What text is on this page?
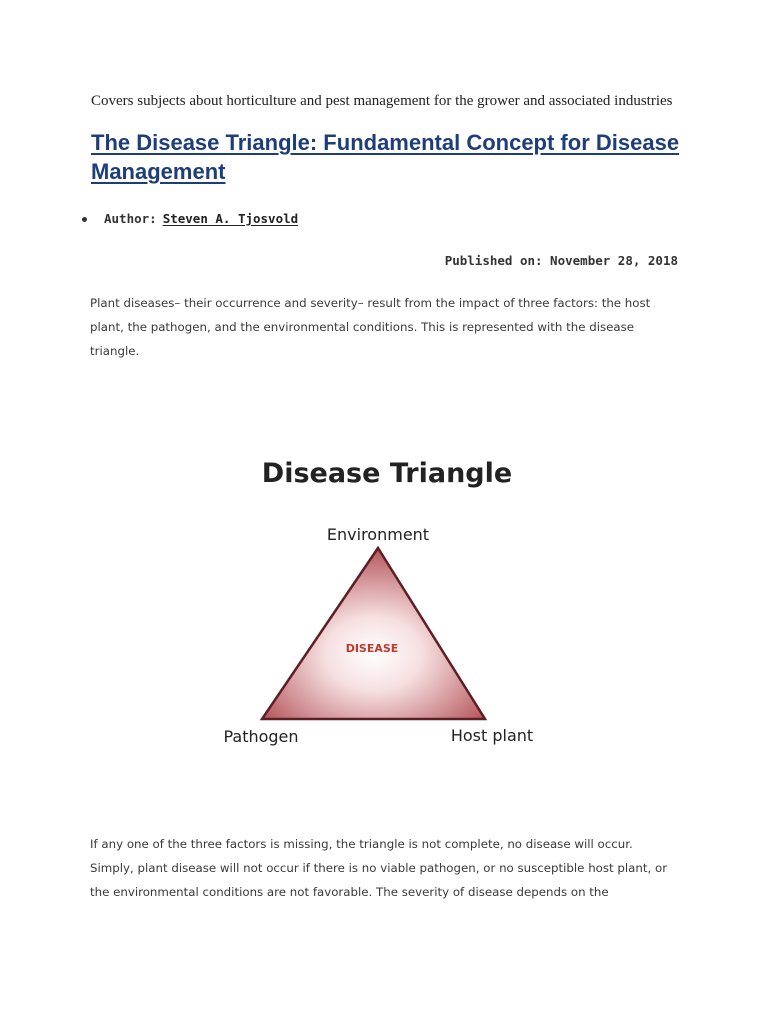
Covers subjects about horticulture and pest management for the grower and associated industries
The Disease Triangle: Fundamental Concept for Disease Management
Author: Steven A. Tjosvold
Published on: November 28, 2018

Plant diseases– their occurrence and severity– result from the impact of three factors: the host plant, the pathogen, and the environmental conditions. This is represented with the disease triangle.

Disease Triangle
Environment
DISEASE
Pathogen	Host plant

If any one of the three factors is missing, the triangle is not complete, no disease will occur. Simply, plant disease will not occur if there is no viable pathogen, or no susceptible host plant, or the environmental conditions are not favorable. The severity of disease depends on the
